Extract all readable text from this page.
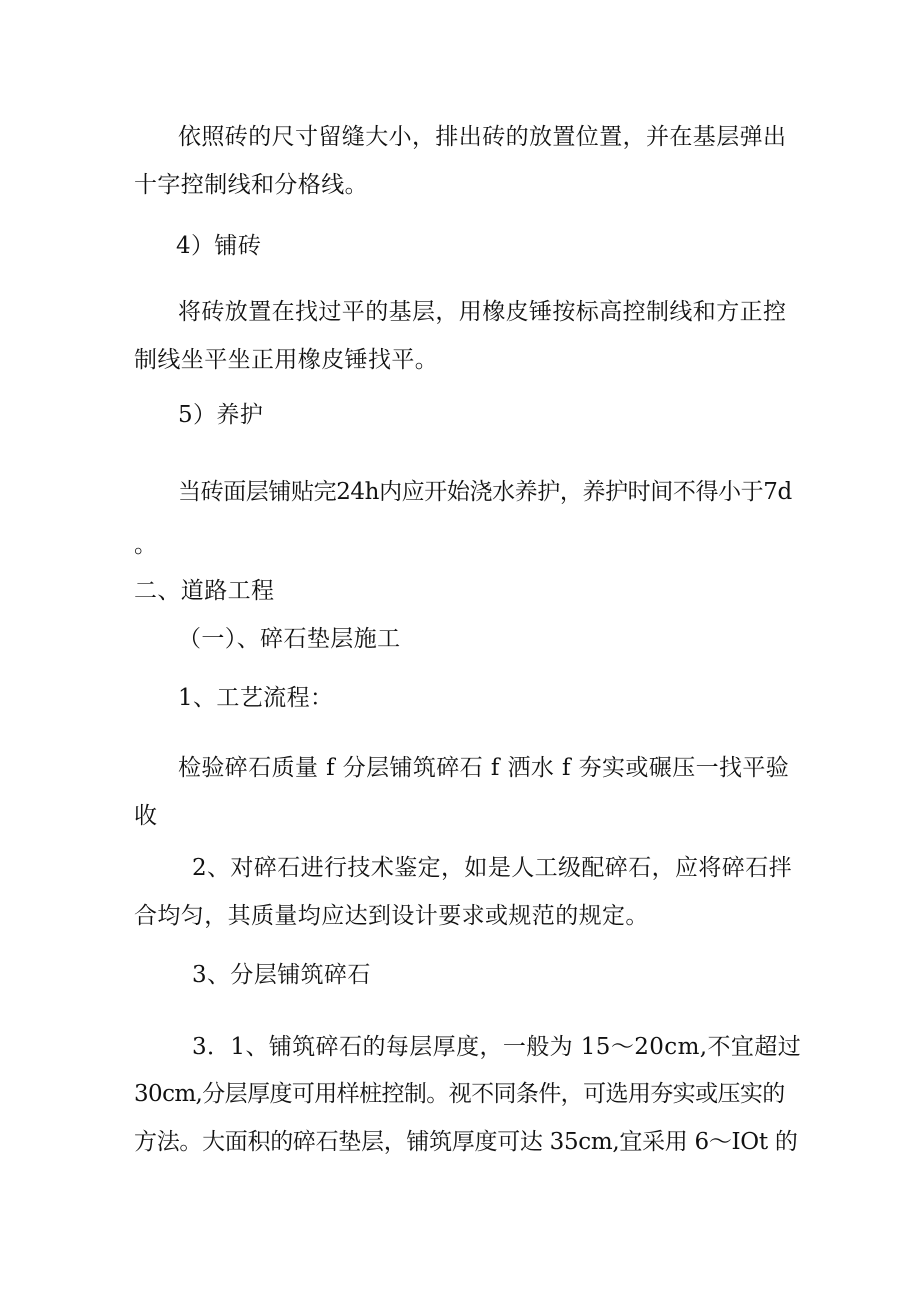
依照砖的尺寸留缝大小，排出砖的放置位置，并在基层弹出
十字控制线和分格线。
4）铺砖
将砖放置在找过平的基层，用橡皮锤按标高控制线和方正控
制线坐平坐正用橡皮锤找平。
5）养护
当砖面层铺贴完24h内应开始浇水养护，养护时间不得小于7d
。
二、道路工程
（一）、碎石垫层施工
1、工艺流程：
检验碎石质量 f 分层铺筑碎石 f 洒水 f 夯实或碾压一找平验
收
2、对碎石进行技术鉴定，如是人工级配碎石，应将碎石拌
合均匀，其质量均应达到设计要求或规范的规定。
3、分层铺筑碎石
3．1、铺筑碎石的每层厚度，一般为 15～20cm,不宜超过
30cm,分层厚度可用样桩控制。视不同条件，可选用夯实或压实的
方法。大面积的碎石垫层，铺筑厚度可达 35cm,宜采用 6～IOt 的
